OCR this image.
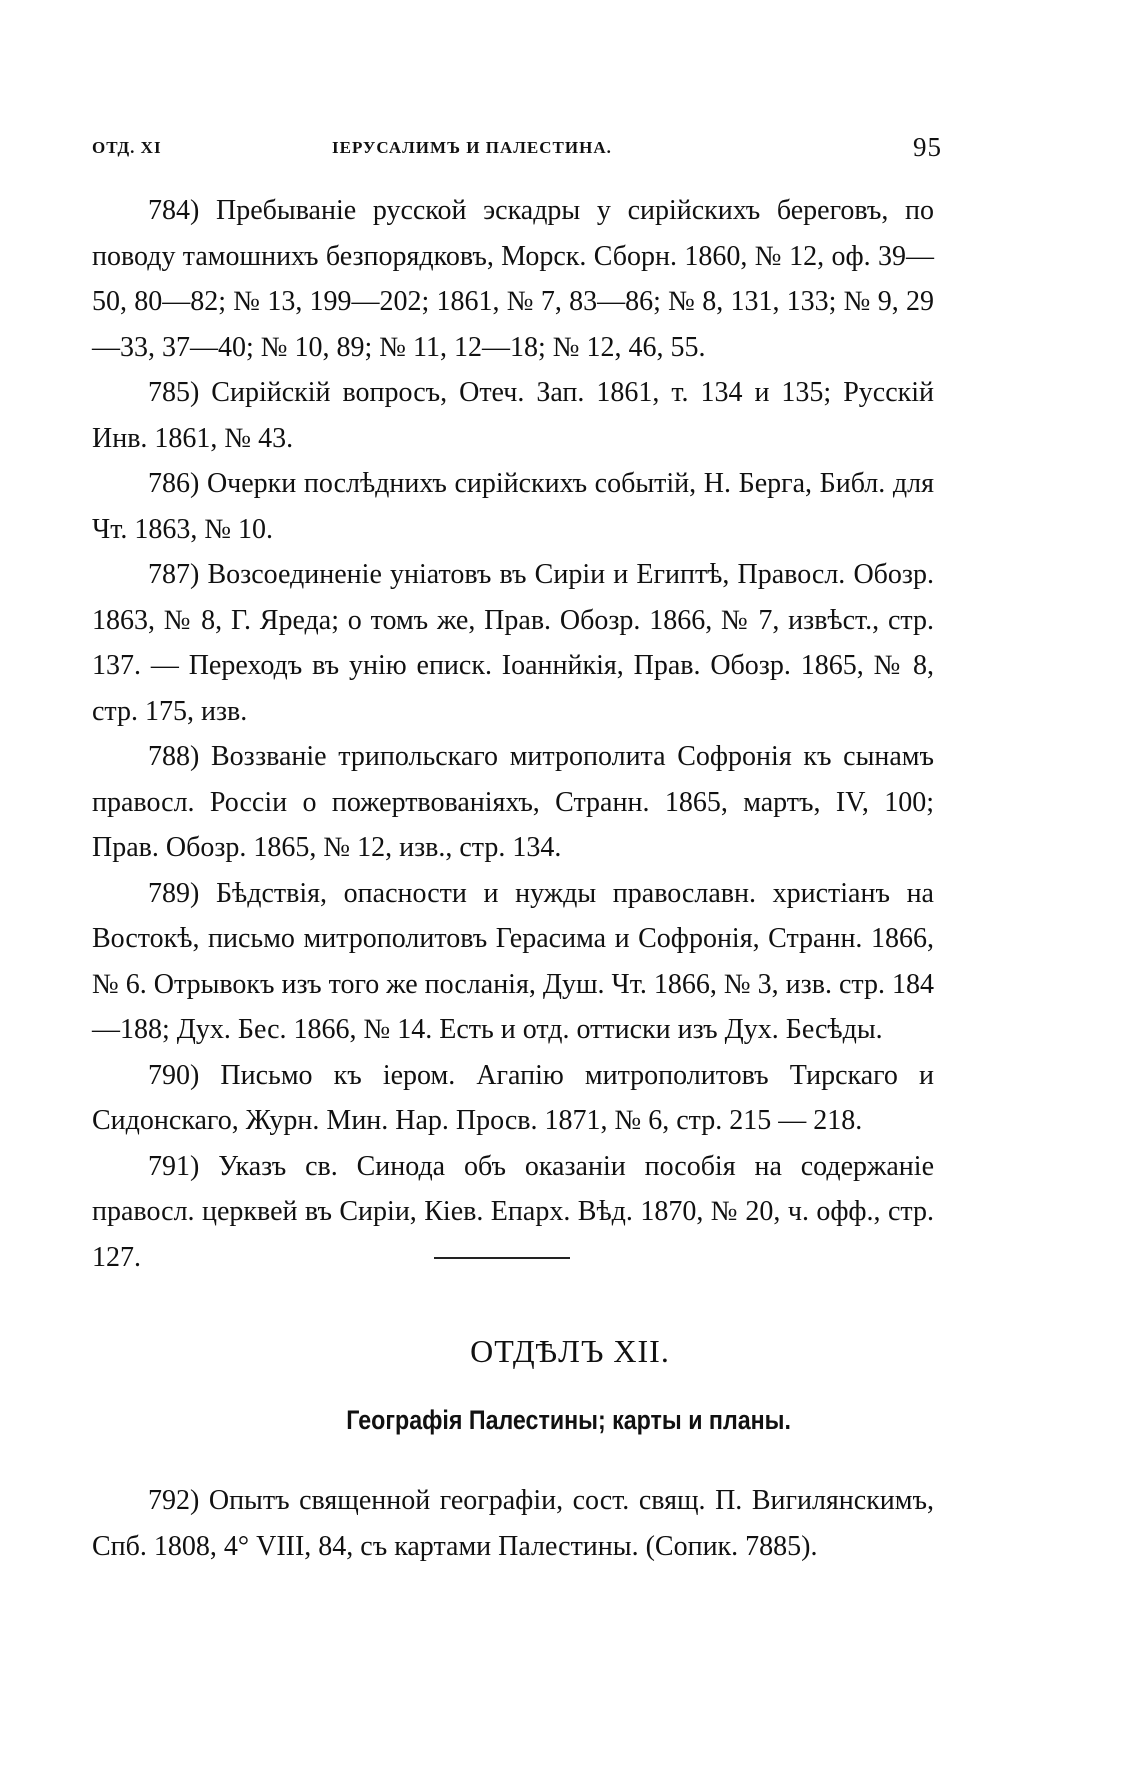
ОТД. XI	IЕРУСАЛИМЪ И ПАЛЕСТИНА.	95

784) Пребыванiе русской эскадры у сирiйскихъ береговъ, по поводу тамошнихъ безпорядковъ, Морск. Сборн. 1860, № 12, оф. 39—50, 80—82; № 13, 199—202; 1861, № 7, 83—86; № 8, 131, 133; № 9, 29—33, 37—40; № 10, 89; № 11, 12—18; № 12, 46, 55.

785) Сирiйскiй вопросъ, Отеч. Зап. 1861, т. 134 и 135; Русскiй Инв. 1861, № 43.

786) Очерки послѣднихъ сирiйскихъ событiй, Н. Берга, Библ. для Чт. 1863, № 10.

787) Возсоединенiе унiатовъ въ Сирiи и Египтѣ, Правосл. Обозр. 1863, № 8, Г. Яреда; о томъ же, Прав. Обозр. 1866, № 7, извѣст., стр. 137. — Переходъ въ унiю еписк. Iоаннйкiя, Прав. Обозр. 1865, № 8, стр. 175, изв.

788) Воззванiе трипольскаго митрополита Софронiя къ сынамъ правосл. Россiи о пожертвованiяхъ, Странн. 1865, мартъ, IV, 100; Прав. Обозр. 1865, № 12, изв., стр. 134.

789) Бѣдствiя, опасности и нужды православн. христiанъ на Востокѣ, письмо митрополитовъ Герасима и Софронiя, Странн. 1866, № 6. Отрывокъ изъ того же посланiя, Душ. Чт. 1866, № 3, изв. стр. 184—188; Дух. Бес. 1866, № 14. Есть и отд. оттиски изъ Дух. Бесѣды.

790) Письмо къ iером. Агапiю митрополитовъ Тирскаго и Сидонскаго, Журн. Мин. Нар. Просв. 1871, № 6, стр. 215 — 218.

791) Указъ св. Синода объ оказанiи пособiя на содержанiе правосл. церквей въ Сирiи, Кiев. Епарх. Вѣд. 1870, № 20, ч. офф., стр. 127.

ОТДѢЛЪ XII.
Географiя Палестины; карты и планы.

792) Опытъ священной географiи, сост. свящ. П. Вигилянскимъ, Спб. 1808, 4° VIII, 84, съ картами Палестины. (Сопик. 7885).
